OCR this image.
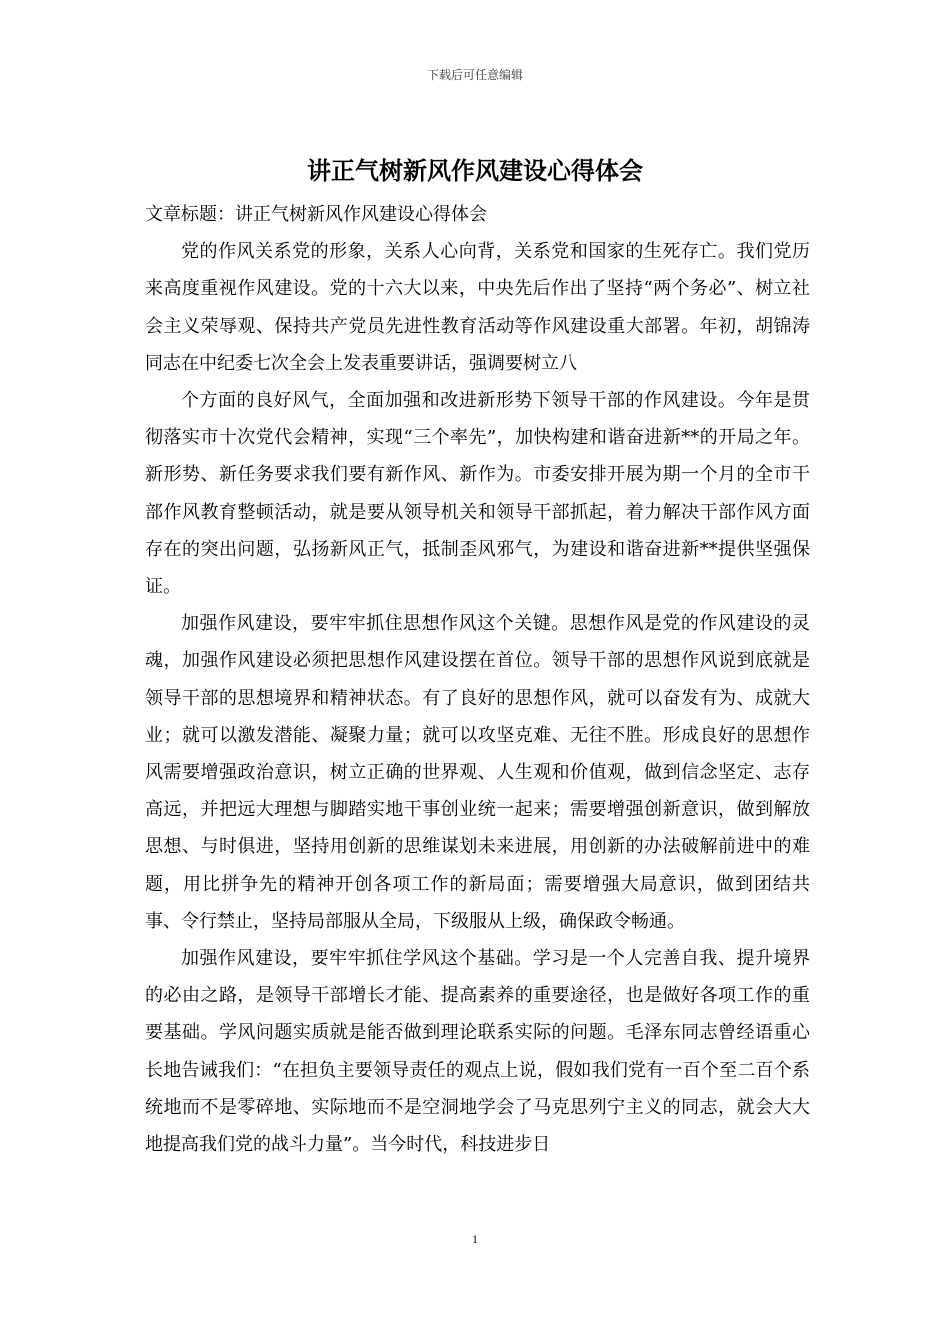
下载后可任意编辑
讲正气树新风作风建设心得体会

文章标题：讲正气树新风作风建设心得体会

党的作风关系党的形象，关系人心向背，关系党和国家的生死存亡。我们党历来高度重视作风建设。党的十六大以来，中央先后作出了坚持“两个务必”、树立社会主义荣辱观、保持共产党员先进性教育活动等作风建设重大部署。年初，胡锦涛同志在中纪委七次全会上发表重要讲话，强调要树立八

个方面的良好风气，全面加强和改进新形势下领导干部的作风建设。今年是贯彻落实市十次党代会精神，实现“三个率先”，加快构建和谐奋进新**的开局之年。新形势、新任务要求我们要有新作风、新作为。市委安排开展为期一个月的全市干部作风教育整顿活动，就是要从领导机关和领导干部抓起，着力解决干部作风方面存在的突出问题，弘扬新风正气，抵制歪风邪气，为建设和谐奋进新**提供坚强保证。

加强作风建设，要牢牢抓住思想作风这个关键。思想作风是党的作风建设的灵魂，加强作风建设必须把思想作风建设摆在首位。领导干部的思想作风说到底就是领导干部的思想境界和精神状态。有了良好的思想作风，就可以奋发有为、成就大业；就可以激发潜能、凝聚力量；就可以攻坚克难、无往不胜。形成良好的思想作风需要增强政治意识，树立正确的世界观、人生观和价值观，做到信念坚定、志存高远，并把远大理想与脚踏实地干事创业统一起来；需要增强创新意识，做到解放思想、与时俱进，坚持用创新的思维谋划未来进展，用创新的办法破解前进中的难题，用比拼争先的精神开创各项工作的新局面；需要增强大局意识，做到团结共事、令行禁止，坚持局部服从全局，下级服从上级，确保政令畅通。

加强作风建设，要牢牢抓住学风这个基础。学习是一个人完善自我、提升境界的必由之路，是领导干部增长才能、提高素养的重要途径，也是做好各项工作的重要基础。学风问题实质就是能否做到理论联系实际的问题。毛泽东同志曾经语重心长地告诫我们：“在担负主要领导责任的观点上说，假如我们党有一百个至二百个系统地而不是零碎地、实际地而不是空洞地学会了马克思列宁主义的同志，就会大大地提高我们党的战斗力量”。当今时代，科技进步日

1
